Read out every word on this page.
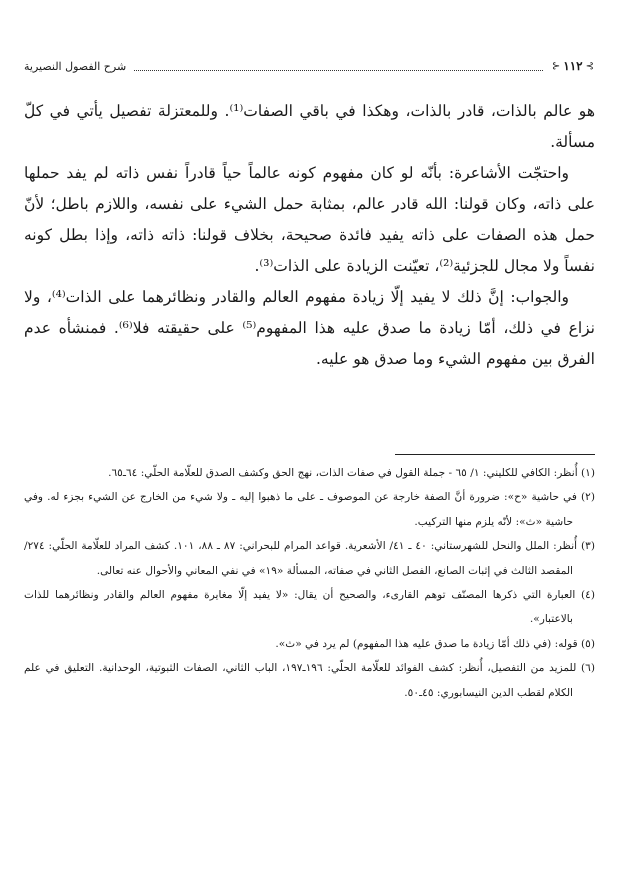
⊱
١١٢
⊰
شرح الفصول النصيرية

هو عالم بالذات، قادر بالذات، وهكذا في باقي الصفات⁽¹⁾. وللمعتزلة تفصيل يأتي في كلّ مسألة.

واحتجّت الأشاعرة: بأنّه لو كان مفهوم كونه عالماً حياً قادراً نفس ذاته لم يفد حملها على ذاته، وكان قولنا: الله قادر عالم، بمثابة حمل الشيء على نفسه، واللازم باطل؛ لأنّ حمل هذه الصفات على ذاته يفيد فائدة صحيحة، بخلاف قولنا: ذاته ذاته، وإذا بطل كونه نفساً ولا مجال للجزئية⁽²⁾، تعيّنت الزيادة على الذات⁽³⁾.

والجواب: إنَّ ذلك لا يفيد إلّا زيادة مفهوم العالم والقادر ونظائرهما على الذات⁽⁴⁾، ولا نزاع في ذلك، أمّا زيادة ما صدق عليه هذا المفهوم⁽⁵⁾ على حقيقته فلا⁽⁶⁾. فمنشأه عدم الفرق بين مفهوم الشيء وما صدق هو عليه.

(١) أُنظر: الكافي للكليني: ١/ ٦٥ - جملة القول في صفات الذات، نهج الحق وكشف الصدق للعلّامة الحلّي: ٦٤ـ٦٥.

(٢) في حاشية «ح»: ضرورة أنَّ الصفة خارجة عن الموصوف ـ على ما ذهبوا إليه ـ ولا شيء من الخارج عن الشيء بجزء له. وفي حاشية «ث»: لأنّه يلزم منها التركيب.

(٣) أُنظر: الملل والنحل للشهرستاني: ٤٠ ـ ٤١/ الأشعرية. قواعد المرام للبحراني: ٨٧ ـ ٨٨، ١٠١. كشف المراد للعلّامة الحلّي: ٢٧٤/ المقصد الثالث في إثبات الصانع، الفصل الثاني في صفاته، المسألة «١٩» في نفي المعاني والأحوال عنه تعالى.

(٤) العبارة التي ذكرها المصنّف توهم القارىء، والصحيح أن يقال: «لا يفيد إلّا مغايرة مفهوم العالم والقادر ونظائرهما للذات بالاعتبار».

(٥) قوله: (في ذلك أمّا زيادة ما صدق عليه هذا المفهوم) لم يرد في «ث».

(٦) للمزيد من التفصيل، أُنظر: كشف الفوائد للعلّامة الحلّي: ١٩٦ـ١٩٧، الباب الثاني، الصفات الثبوتية، الوحدانية. التعليق في علم الكلام لقطب الدين النيسابوري: ٤٥ـ٥٠.
